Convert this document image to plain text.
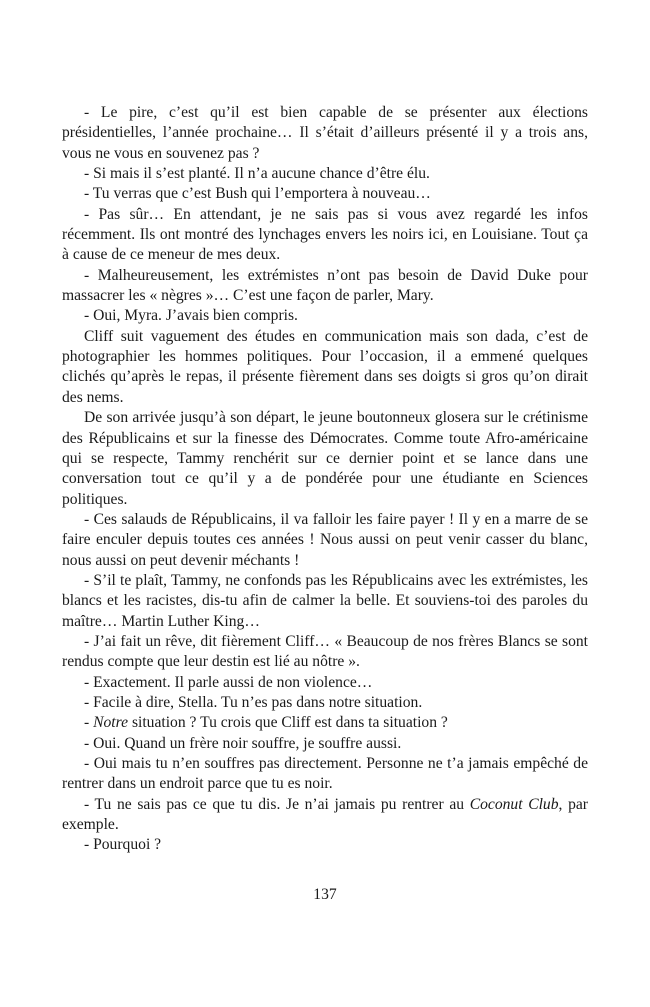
- Le pire, c’est qu’il est bien capable de se présenter aux élections présidentielles, l’année prochaine… Il s’était d’ailleurs présenté il y a trois ans, vous ne vous en souvenez pas ?

- Si mais il s’est planté. Il n’a aucune chance d’être élu.

- Tu verras que c’est Bush qui l’emportera à nouveau…

- Pas sûr… En attendant, je ne sais pas si vous avez regardé les infos récemment. Ils ont montré des lynchages envers les noirs ici, en Louisiane. Tout ça à cause de ce meneur de mes deux.

- Malheureusement, les extrémistes n’ont pas besoin de David Duke pour massacrer les « nègres »… C’est une façon de parler, Mary.

- Oui, Myra. J’avais bien compris.

Cliff suit vaguement des études en communication mais son dada, c’est de photographier les hommes politiques. Pour l’occasion, il a emmené quelques clichés qu’après le repas, il présente fièrement dans ses doigts si gros qu’on dirait des nems.

De son arrivée jusqu’à son départ, le jeune boutonneux glosera sur le crétinisme des Républicains et sur la finesse des Démocrates. Comme toute Afro-américaine qui se respecte, Tammy renchérit sur ce dernier point et se lance dans une conversation tout ce qu’il y a de pondérée pour une étudiante en Sciences politiques.

- Ces salauds de Républicains, il va falloir les faire payer ! Il y en a marre de se faire enculer depuis toutes ces années ! Nous aussi on peut venir casser du blanc, nous aussi on peut devenir méchants !

- S’il te plaît, Tammy, ne confonds pas les Républicains avec les extrémistes, les blancs et les racistes, dis-tu afin de calmer la belle. Et souviens-toi des paroles du maître… Martin Luther King…

- J’ai fait un rêve, dit fièrement Cliff… « Beaucoup de nos frères Blancs se sont rendus compte que leur destin est lié au nôtre ».

- Exactement. Il parle aussi de non violence…

- Facile à dire, Stella. Tu n’es pas dans notre situation.

- Notre situation ? Tu crois que Cliff est dans ta situation ?

- Oui. Quand un frère noir souffre, je souffre aussi.

- Oui mais tu n’en souffres pas directement. Personne ne t’a jamais empêché de rentrer dans un endroit parce que tu es noir.

- Tu ne sais pas ce que tu dis. Je n’ai jamais pu rentrer au Coconut Club, par exemple.

- Pourquoi ?

137
